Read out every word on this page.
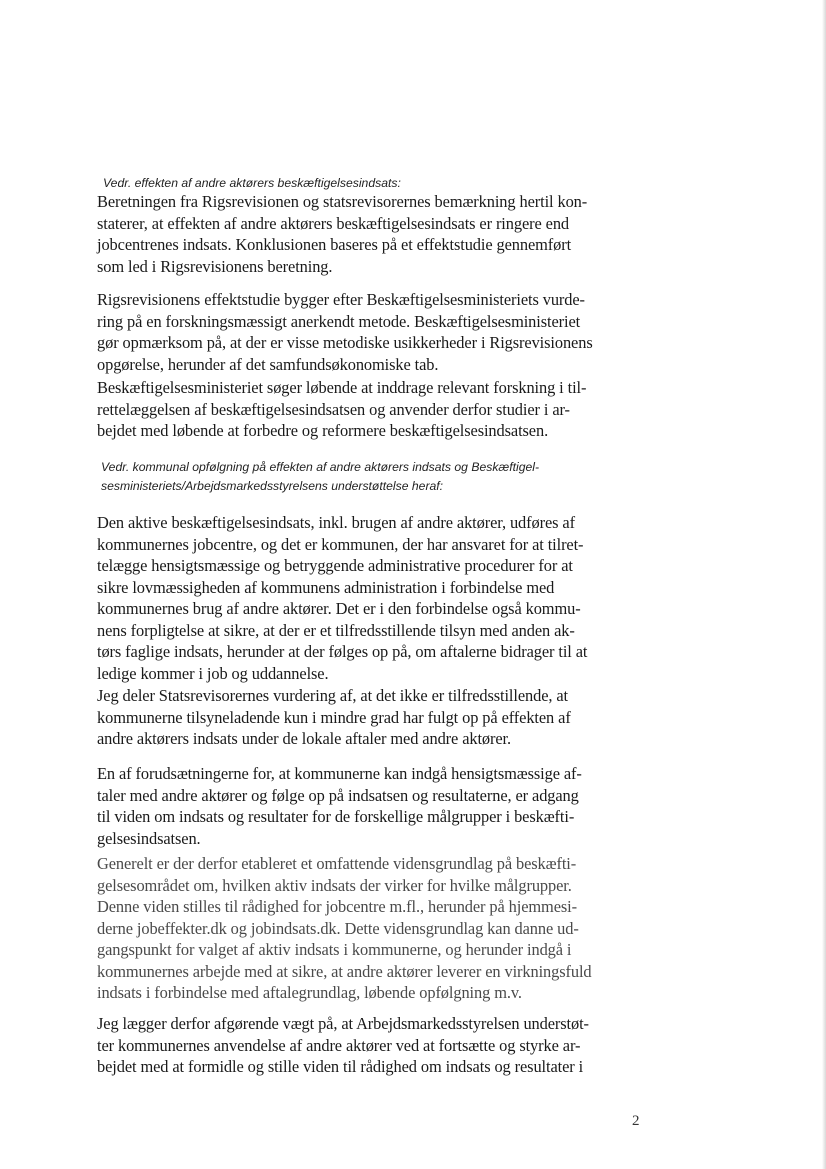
Vedr. effekten af andre aktørers beskæftigelsesindsats:

Beretningen fra Rigsrevisionen og statsrevisorernes bemærkning hertil kon-
staterer, at effekten af andre aktørers beskæftigelsesindsats er ringere end
jobcentrenes indsats. Konklusionen baseres på et effektstudie gennemført
som led i Rigsrevisionens beretning.
Rigsrevisionens effektstudie bygger efter Beskæftigelsesministeriets vurde-
ring på en forskningsmæssigt anerkendt metode. Beskæftigelsesministeriet
gør opmærksom på, at der er visse metodiske usikkerheder i Rigsrevisionens
opgørelse, herunder af det samfundsøkonomiske tab.
Beskæftigelsesministeriet søger løbende at inddrage relevant forskning i til-
rettelæggelsen af beskæftigelsesindsatsen og anvender derfor studier i ar-
bejdet med løbende at forbedre og reformere beskæftigelsesindsatsen.

Vedr. kommunal opfølgning på effekten af andre aktørers indsats og Beskæftigel-

sesministeriets/Arbejdsmarkedsstyrelsens understøttelse heraf:

Den aktive beskæftigelsesindsats, inkl. brugen af andre aktører, udføres af
kommunernes jobcentre, og det er kommunen, der har ansvaret for at tilret-
telægge hensigtsmæssige og betryggende administrative procedurer for at
sikre lovmæssigheden af kommunens administration i forbindelse med
kommunernes brug af andre aktører. Det er i den forbindelse også kommu-
nens forpligtelse at sikre, at der er et tilfredsstillende tilsyn med anden ak-
tørs faglige indsats, herunder at der følges op på, om aftalerne bidrager til at
ledige kommer i job og uddannelse.
Jeg deler Statsrevisorernes vurdering af, at det ikke er tilfredsstillende, at
kommunerne tilsyneladende kun i mindre grad har fulgt op på effekten af
andre aktørers indsats under de lokale aftaler med andre aktører.
En af forudsætningerne for, at kommunerne kan indgå hensigtsmæssige af-
taler med andre aktører og følge op på indsatsen og resultaterne, er adgang
til viden om indsats og resultater for de forskellige målgrupper i beskæfti-
gelsesindsatsen.
Generelt er der derfor etableret et omfattende vidensgrundlag på beskæfti-
gelsesområdet om, hvilken aktiv indsats der virker for hvilke målgrupper.
Denne viden stilles til rådighed for jobcentre m.fl., herunder på hjemmesi-
derne jobeffekter.dk og jobindsats.dk. Dette vidensgrundlag kan danne ud-
gangspunkt for valget af aktiv indsats i kommunerne, og herunder indgå i
kommunernes arbejde med at sikre, at andre aktører leverer en virkningsfuld
indsats i forbindelse med aftalegrundlag, løbende opfølgning m.v.
Jeg lægger derfor afgørende vægt på, at Arbejdsmarkedsstyrelsen understøt-
ter kommunernes anvendelse af andre aktører ved at fortsætte og styrke ar-
bejdet med at formidle og stille viden til rådighed om indsats og resultater i
2
